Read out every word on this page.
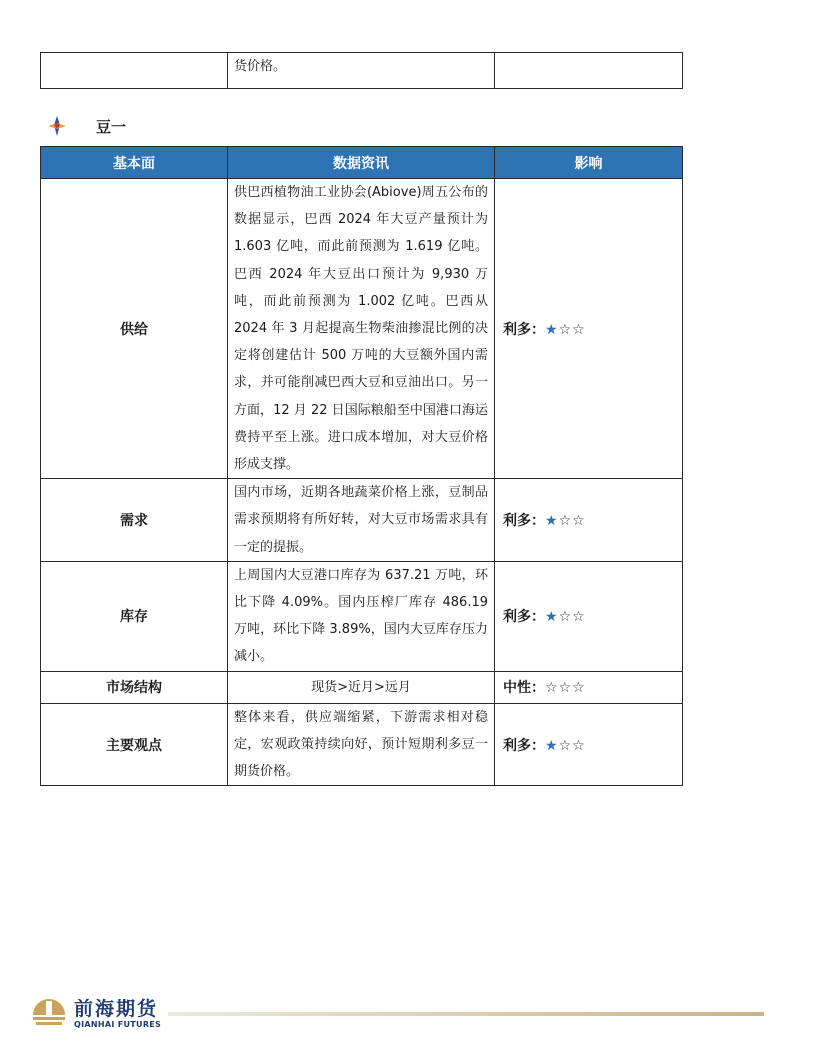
	货价格。	
豆一
基本面	数据资讯	影响
供给	供巴西植物油工业协会(Abiove)周五公布的数据显示，巴西 2024 年大豆产量预计为 1.603 亿吨，而此前预测为 1.619 亿吨。巴西 2024 年大豆出口预计为 9,930 万吨，而此前预测为 1.002 亿吨。巴西从 2024 年 3 月起提高生物柴油掺混比例的决定将创建估计 500 万吨的大豆额外国内需求，并可能削减巴西大豆和豆油出口。另一方面，12 月 22 日国际粮船至中国港口海运费持平至上涨。进口成本增加，对大豆价格形成支撑。	利多：★☆☆
需求	国内市场，近期各地蔬菜价格上涨，豆制品需求预期将有所好转，对大豆市场需求具有一定的提振。	利多：★☆☆
库存	上周国内大豆港口库存为 637.21 万吨，环比下降 4.09%。国内压榨厂库存 486.19 万吨，环比下降 3.89%，国内大豆库存压力减小。	利多：★☆☆
市场结构	现货>近月>远月	中性：☆☆☆
主要观点	整体来看，供应端缩紧，下游需求相对稳定，宏观政策持续向好，预计短期利多豆一期货价格。	利多：★☆☆
前海期货
QIANHAI FUTURES
